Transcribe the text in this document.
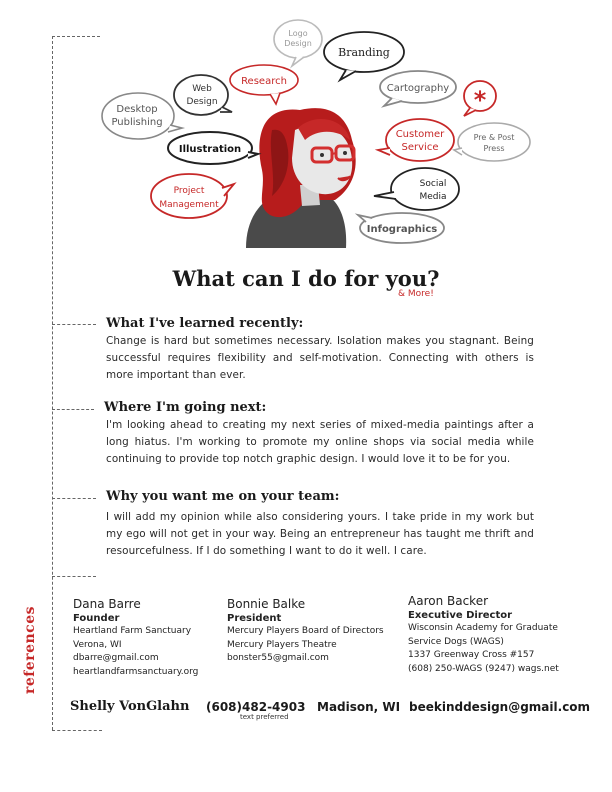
Logo
Design
Branding
Research
Web
Design
Desktop
Publishing
Cartography *
Customer
Service
Pre & Post
Press
Illustration
Project
Management
Social
Media
Infographics
What can I do for you?
& More!
What I've learned recently:
Change is hard but sometimes necessary. Isolation makes you stagnant. Being successful requires flexibility and self-motivation. Connecting with others is more important than ever.
Where I'm going next:
I'm looking ahead to creating my next series of mixed-media paintings after a long hiatus. I'm working to promote my online shops via social media while continuing to provide top notch graphic design. I would love it to be for you.
Why you want me on your team:
I will add my opinion while also considering yours. I take pride in my work but my ego will not get in your way. Being an entrepreneur has taught me thrift and resourcefulness. If I do something I want to do it well. I care.
references
Dana Barre
Founder
Heartland Farm Sanctuary
Verona, WI
dbarre@gmail.com
heartlandfarmsanctuary.org
Bonnie Balke
President
Mercury Players Board of Directors
Mercury Players Theatre
bonster55@gmail.com
Aaron Backer
Executive Director
Wisconsin Academy for Graduate
Service Dogs (WAGS)
1337 Greenway Cross #157
(608) 250-WAGS (9247) wags.net
Shelly VonGlahn (608)482-4903
text preferred
Madison, WI beekinddesign@gmail.com
